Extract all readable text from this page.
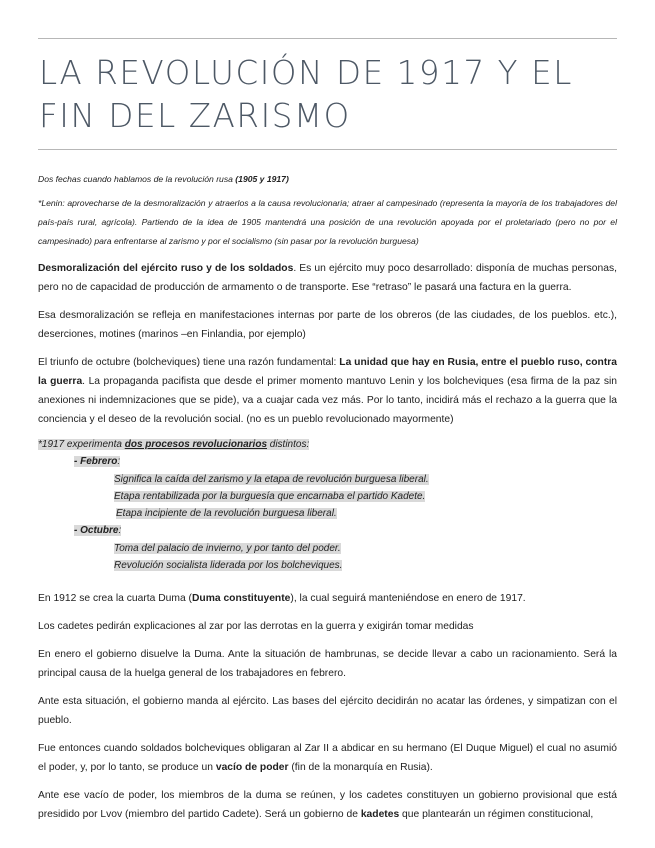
LA REVOLUCIÓN DE 1917 Y EL FIN DEL ZARISMO
Dos fechas cuando hablamos de la revolución rusa (1905 y 1917)
*Lenin: aprovecharse de la desmoralización y atraerlos a la causa revolucionaria; atraer al campesinado (representa la mayoría de los trabajadores del país-país rural, agrícola). Partiendo de la idea de 1905 mantendrá una posición de una revolución apoyada por el proletariado (pero no por el campesinado) para enfrentarse al zarismo y por el socialismo (sin pasar por la revolución burguesa)
Desmoralización del ejército ruso y de los soldados. Es un ejército muy poco desarrollado: disponía de muchas personas, pero no de capacidad de producción de armamento o de transporte. Ese “retraso” le pasará una factura en la guerra.
Esa desmoralización se refleja en manifestaciones internas por parte de los obreros (de las ciudades, de los pueblos. etc.), deserciones, motines (marinos –en Finlandia, por ejemplo)
El triunfo de octubre (bolcheviques) tiene una razón fundamental: La unidad que hay en Rusia, entre el pueblo ruso, contra la guerra. La propaganda pacifista que desde el primer momento mantuvo Lenin y los bolcheviques (esa firma de la paz sin anexiones ni indemnizaciones que se pide), va a cuajar cada vez más. Por lo tanto, incidirá más el rechazo a la guerra que la conciencia y el deseo de la revolución social. (no es un pueblo revolucionado mayormente)
*1917 experimenta dos procesos revolucionarios distintos:
- Febrero:
Significa la caída del zarismo y la etapa de revolución burguesa liberal.
Etapa rentabilizada por la burguesía que encarnaba el partido Kadete.
Etapa incipiente de la revolución burguesa liberal.
- Octubre:
Toma del palacio de invierno, y por tanto del poder.
Revolución socialista liderada por los bolcheviques.
En 1912 se crea la cuarta Duma (Duma constituyente), la cual seguirá manteniéndose en enero de 1917.
Los cadetes pedirán explicaciones al zar por las derrotas en la guerra y exigirán tomar medidas
En enero el gobierno disuelve la Duma. Ante la situación de hambrunas, se decide llevar a cabo un racionamiento. Será la principal causa de la huelga general de los trabajadores en febrero.
Ante esta situación, el gobierno manda al ejército. Las bases del ejército decidirán no acatar las órdenes, y simpatizan con el pueblo.
Fue entonces cuando soldados bolcheviques obligaran al Zar II a abdicar en su hermano (El Duque Miguel) el cual no asumió el poder, y, por lo tanto, se produce un vacío de poder (fin de la monarquía en Rusia).
Ante ese vacío de poder, los miembros de la duma se reúnen, y los cadetes constituyen un gobierno provisional que está presidido por Lvov (miembro del partido Cadete). Será un gobierno de kadetes que plantearán un régimen constitucional,
